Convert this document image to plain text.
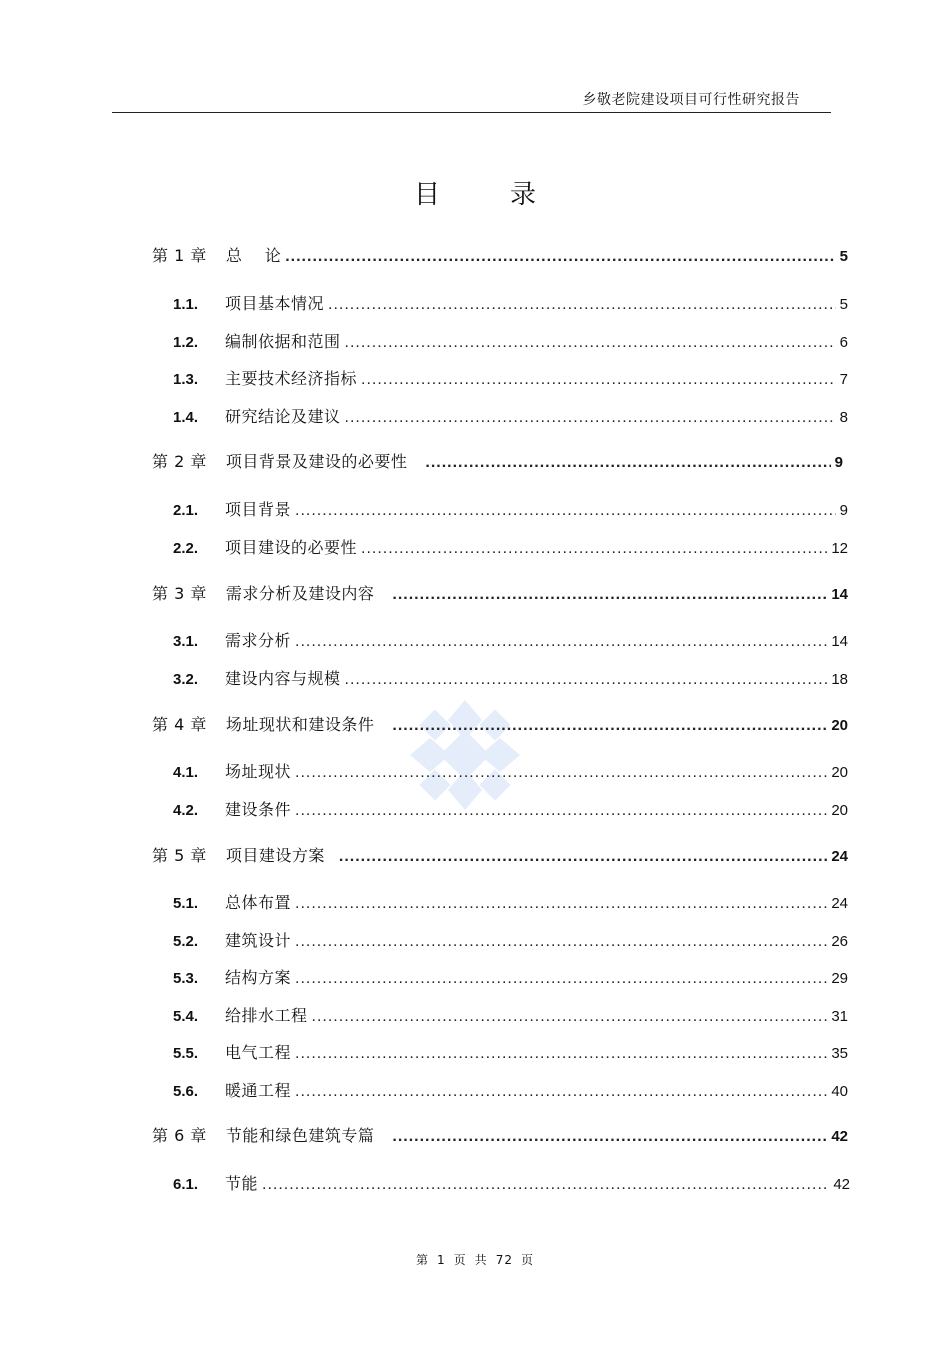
乡敬老院建设项目可行性研究报告
目	录
第 1 章 总    论 .....	5
1.1.	项目基本情况 .....	5
1.2.	编制依据和范围 .....	6
1.3.	主要技术经济指标 .....	7
1.4.	研究结论及建议 .....	8
第 2 章 项目背景及建设的必要性 .....	9
2.1.	项目背景 .....	9
2.2.	项目建设的必要性 .....	12
第 3 章 需求分析及建设内容 .....	14
3.1.	需求分析 .....	14
3.2.	建设内容与规模 .....	18
第 4 章 场址现状和建设条件 .....	20
4.1.	场址现状 .....	20
4.2.	建设条件 .....	20
第 5 章 项目建设方案 .....	24
5.1.	总体布置 .....	24
5.2.	建筑设计 .....	26
5.3.	结构方案 .....	29
5.4.	给排水工程 .....	31
5.5.	电气工程 .....	35
5.6.	暖通工程 .....	40
第 6 章 节能和绿色建筑专篇 .....	42
6.1.	节能 .....	42
第 1 页 共 72 页
